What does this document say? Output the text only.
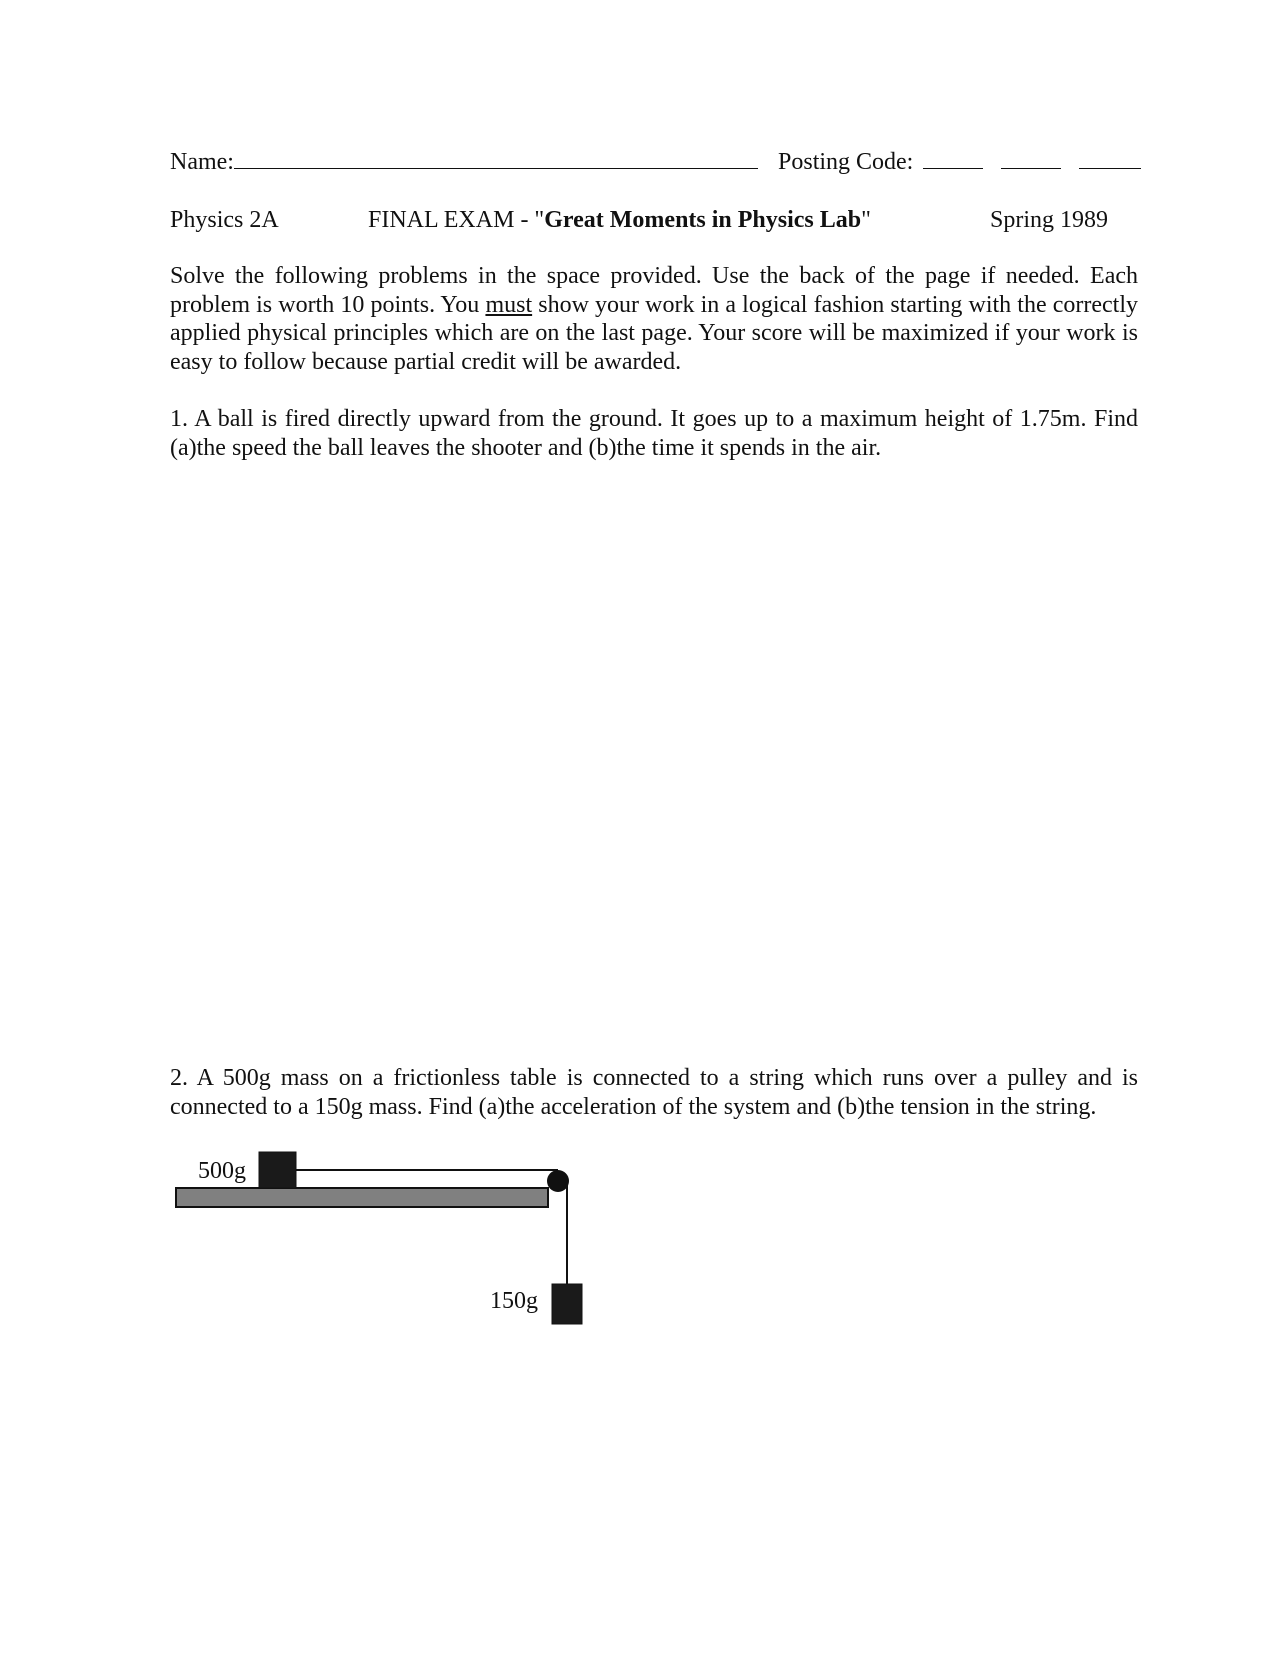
Name:	Posting Code:
Physics 2A	FINAL EXAM - "Great Moments in Physics Lab"	Spring 1989
Solve the following problems in the space provided. Use the back of the page if needed. Each problem is worth 10 points. You must show your work in a logical fashion starting with the correctly applied physical principles which are on the last page. Your score will be maximized if your work is easy to follow because partial credit will be awarded.
1. A ball is fired directly upward from the ground. It goes up to a maximum height of 1.75m. Find (a)the speed the ball leaves the shooter and (b)the time it spends in the air.
2. A 500g mass on a frictionless table is connected to a string which runs over a pulley and is connected to a 150g mass. Find (a)the acceleration of the system and (b)the tension in the string.
500g
150g
